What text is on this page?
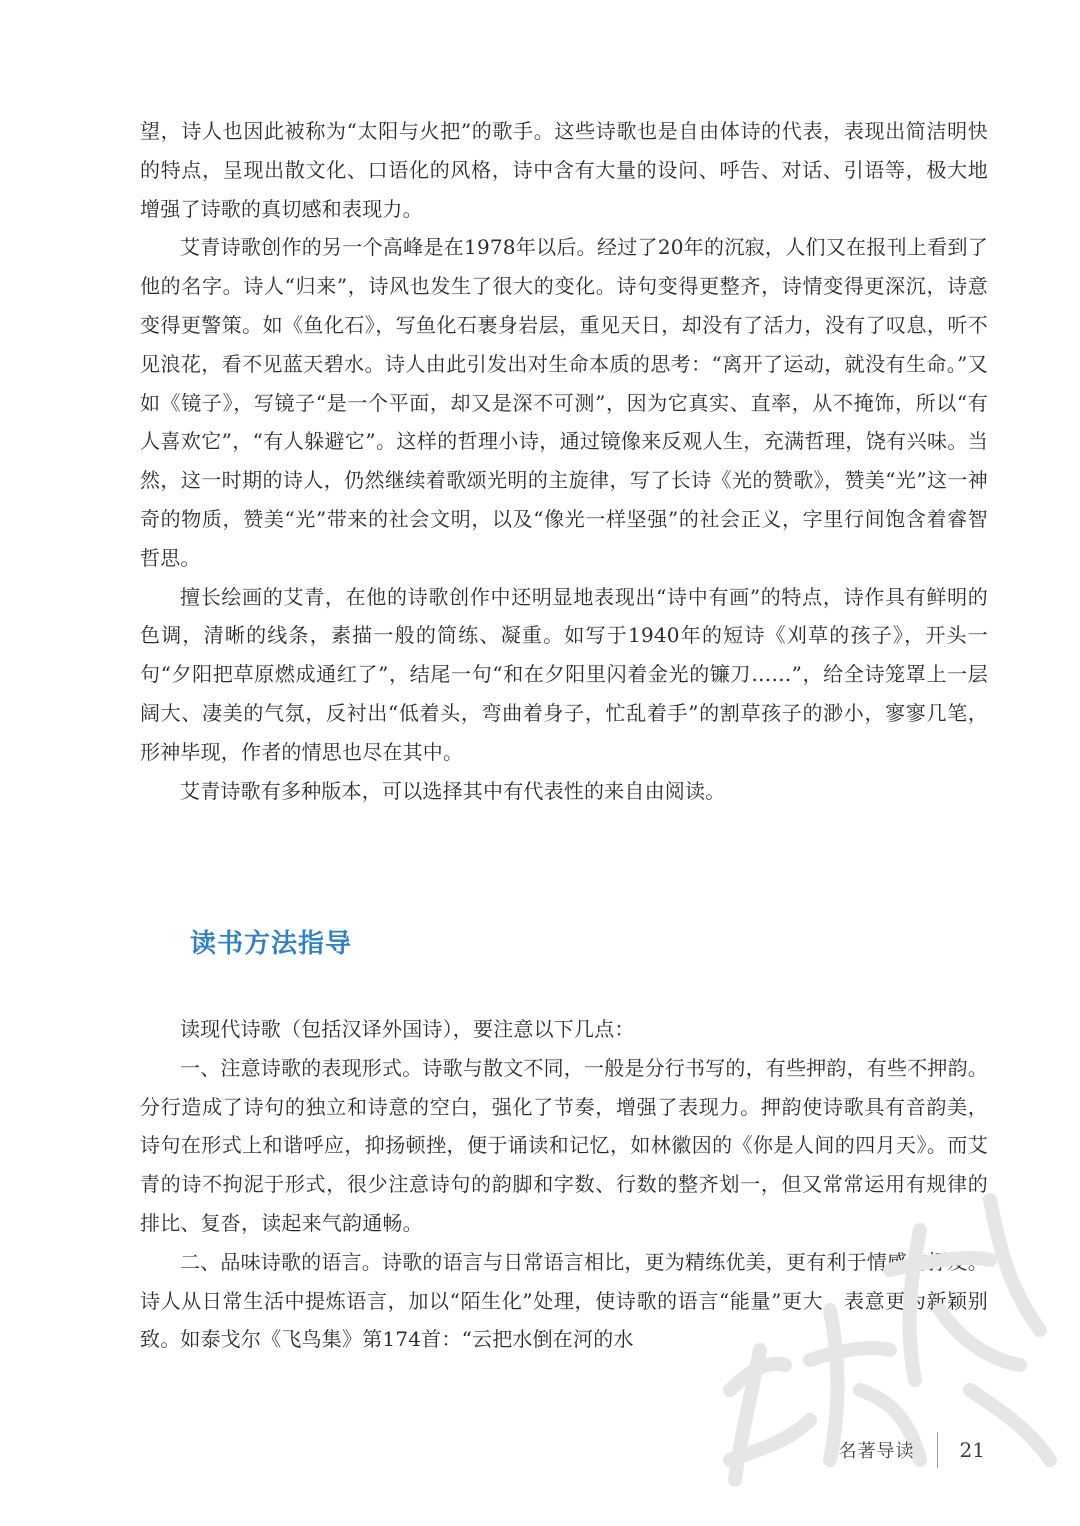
望，诗人也因此被称为“太阳与火把”的歌手。这些诗歌也是自由体诗的代表，表现出简洁明快的特点，呈现出散文化、口语化的风格，诗中含有大量的设问、呼告、对话、引语等，极大地增强了诗歌的真切感和表现力。

艾青诗歌创作的另一个高峰是在1978年以后。经过了20年的沉寂，人们又在报刊上看到了他的名字。诗人“归来”，诗风也发生了很大的变化。诗句变得更整齐，诗情变得更深沉，诗意变得更警策。如《鱼化石》，写鱼化石裹身岩层，重见天日，却没有了活力，没有了叹息，听不见浪花，看不见蓝天碧水。诗人由此引发出对生命本质的思考：“离开了运动，就没有生命。”又如《镜子》，写镜子“是一个平面，却又是深不可测”，因为它真实、直率，从不掩饰，所以“有人喜欢它”，“有人躲避它”。这样的哲理小诗，通过镜像来反观人生，充满哲理，饶有兴味。当然，这一时期的诗人，仍然继续着歌颂光明的主旋律，写了长诗《光的赞歌》，赞美“光”这一神奇的物质，赞美“光”带来的社会文明，以及“像光一样坚强”的社会正义，字里行间饱含着睿智哲思。

擅长绘画的艾青，在他的诗歌创作中还明显地表现出“诗中有画”的特点，诗作具有鲜明的色调，清晰的线条，素描一般的简练、凝重。如写于1940年的短诗《刈草的孩子》，开头一句“夕阳把草原燃成通红了”，结尾一句“和在夕阳里闪着金光的镰刀……”，给全诗笼罩上一层阔大、凄美的气氛，反衬出“低着头，弯曲着身子，忙乱着手”的割草孩子的渺小，寥寥几笔，形神毕现，作者的情思也尽在其中。

艾青诗歌有多种版本，可以选择其中有代表性的来自由阅读。

读书方法指导

读现代诗歌（包括汉译外国诗），要注意以下几点：

一、注意诗歌的表现形式。诗歌与散文不同，一般是分行书写的，有些押韵，有些不押韵。分行造成了诗句的独立和诗意的空白，强化了节奏，增强了表现力。押韵使诗歌具有音韵美，诗句在形式上和谐呼应，抑扬顿挫，便于诵读和记忆，如林徽因的《你是人间的四月天》。而艾青的诗不拘泥于形式，很少注意诗句的韵脚和字数、行数的整齐划一，但又常常运用有规律的排比、复沓，读起来气韵通畅。

二、品味诗歌的语言。诗歌的语言与日常语言相比，更为精练优美，更有利于情感的抒发。诗人从日常生活中提炼语言，加以“陌生化”处理，使诗歌的语言“能量”更大，表意更为新颖别致。如泰戈尔《飞鸟集》第174首：“云把水倒在河的水

名著导读 21
